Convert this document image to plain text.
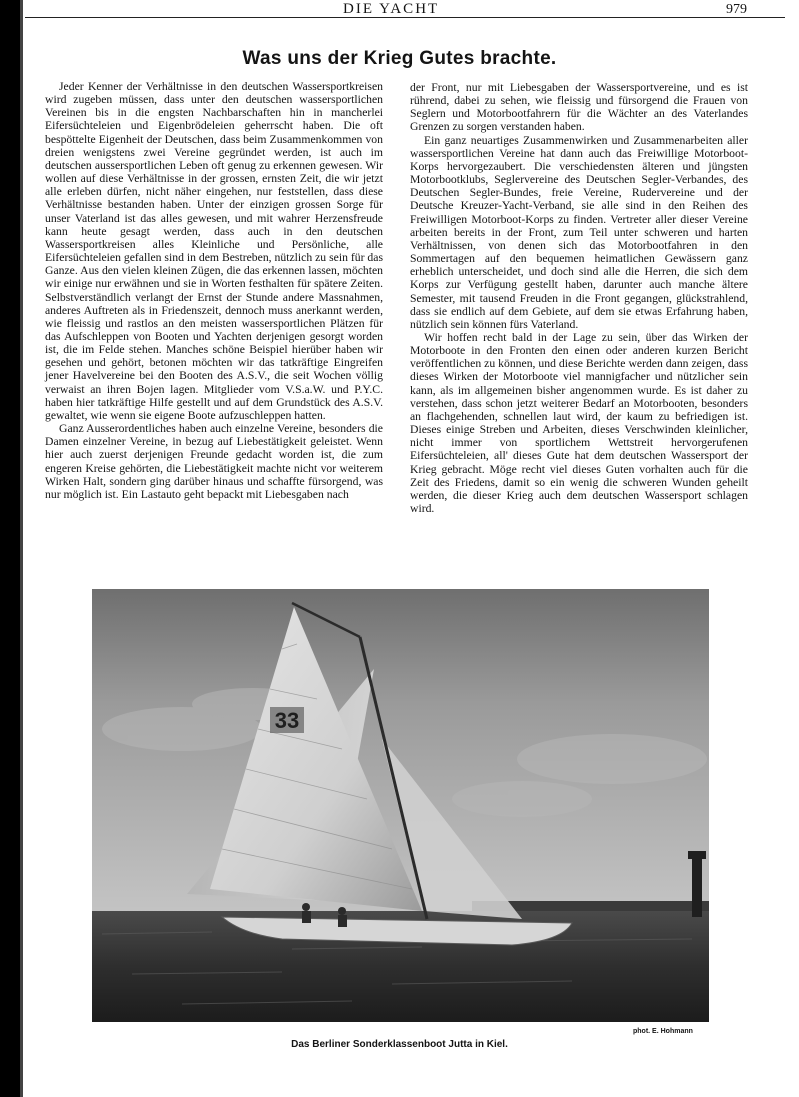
DIE YACHT	979
Was uns der Krieg Gutes brachte.

Jeder Kenner der Verhältnisse in den deutschen Wassersportkreisen wird zugeben müssen, dass unter den deutschen wassersportlichen Vereinen bis in die engsten Nachbarschaften hin in mancherlei Eifersüchteleien und Eigenbrödeleien geherrscht haben. Die oft bespöttelte Eigenheit der Deutschen, dass beim Zusammenkommen von dreien wenigstens zwei Vereine gegründet werden, ist auch im deutschen aussersportlichen Leben oft genug zu erkennen gewesen. Wir wollen auf diese Verhältnisse in der grossen, ernsten Zeit, die wir jetzt alle erleben dürfen, nicht näher eingehen, nur feststellen, dass diese Verhältnisse bestanden haben. Unter der einzigen grossen Sorge für unser Vaterland ist das alles gewesen, und mit wahrer Herzensfreude kann heute gesagt werden, dass auch in den deutschen Wassersportkreisen alles Kleinliche und Persönliche, alle Eifersüchteleien gefallen sind in dem Bestreben, nützlich zu sein für das Ganze. Aus den vielen kleinen Zügen, die das erkennen lassen, möchten wir einige nur erwähnen und sie in Worten festhalten für spätere Zeiten. Selbstverständlich verlangt der Ernst der Stunde andere Massnahmen, anderes Auftreten als in Friedenszeit, dennoch muss anerkannt werden, wie fleissig und rastlos an den meisten wassersportlichen Plätzen für das Aufschleppen von Booten und Yachten derjenigen gesorgt worden ist, die im Felde stehen. Manches schöne Beispiel hierüber haben wir gesehen und gehört, betonen möchten wir das tatkräftige Eingreifen jener Havelvereine bei den Booten des A.S.V., die seit Wochen völlig verwaist an ihren Bojen lagen. Mitglieder vom V.S.a.W. und P.Y.C. haben hier tatkräftige Hilfe gestellt und auf dem Grundstück des A.S.V. gewaltet, wie wenn sie eigene Boote aufzuschleppen hatten.

Ganz Ausserordentliches haben auch einzelne Vereine, besonders die Damen einzelner Vereine, in bezug auf Liebestätigkeit geleistet. Wenn hier auch zuerst derjenigen Freunde gedacht worden ist, die zum engeren Kreise gehörten, die Liebestätigkeit machte nicht vor weiterem Wirken Halt, sondern ging darüber hinaus und schaffte fürsorgend, was nur möglich ist. Ein Lastauto geht bepackt mit Liebesgaben nach

der Front, nur mit Liebesgaben der Wassersportvereine, und es ist rührend, dabei zu sehen, wie fleissig und fürsorgend die Frauen von Seglern und Motorbootfahrern für die Wächter an des Vaterlandes Grenzen zu sorgen verstanden haben.

Ein ganz neuartiges Zusammenwirken und Zusammenarbeiten aller wassersportlichen Vereine hat dann auch das Freiwillige Motorboot-Korps hervorgezaubert. Die verschiedensten älteren und jüngsten Motorbootklubs, Seglervereine des Deutschen Segler-Verbandes, des Deutschen Segler-Bundes, freie Vereine, Rudervereine und der Deutsche Kreuzer-Yacht-Verband, sie alle sind in den Reihen des Freiwilligen Motorboot-Korps zu finden. Vertreter aller dieser Vereine arbeiten bereits in der Front, zum Teil unter schweren und harten Verhältnissen, von denen sich das Motorbootfahren in den Sommertagen auf den bequemen heimatlichen Gewässern ganz erheblich unterscheidet, und doch sind alle die Herren, die sich dem Korps zur Verfügung gestellt haben, darunter auch manche ältere Semester, mit tausend Freuden in die Front gegangen, glückstrahlend, dass sie endlich auf dem Gebiete, auf dem sie etwas Erfahrung haben, nützlich sein können fürs Vaterland.

Wir hoffen recht bald in der Lage zu sein, über das Wirken der Motorboote in den Fronten den einen oder anderen kurzen Bericht veröffentlichen zu können, und diese Berichte werden dann zeigen, dass dieses Wirken der Motorboote viel mannigfacher und nützlicher sein kann, als im allgemeinen bisher angenommen wurde. Es ist daher zu verstehen, dass schon jetzt weiterer Bedarf an Motorbooten, besonders an flachgehenden, schnellen laut wird, der kaum zu befriedigen ist. Dieses einige Streben und Arbeiten, dieses Verschwinden kleinlicher, nicht immer von sportlichem Wettstreit hervorgerufenen Eifersüchteleien, all' dieses Gute hat dem deutschen Wassersport der Krieg gebracht. Möge recht viel dieses Guten vorhalten auch für die Zeit des Friedens, damit so ein wenig die schweren Wunden geheilt werden, die dieser Krieg auch dem deutschen Wassersport schlagen wird.

33
phot. E. Hohmann
Das Berliner Sonderklassenboot Jutta in Kiel.
